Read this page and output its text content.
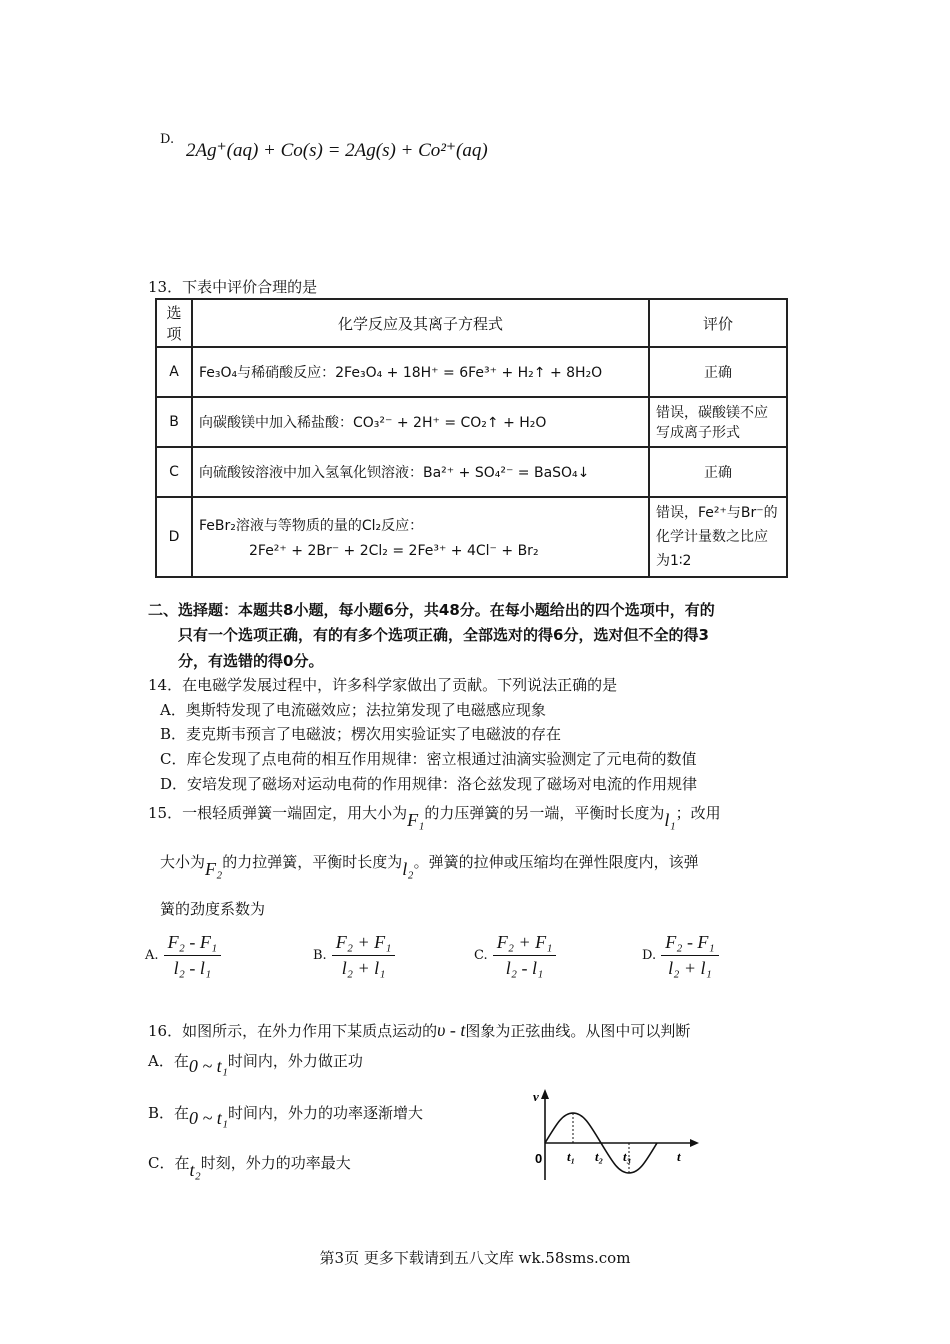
D.
2Ag⁺(aq) + Co(s) = 2Ag(s) + Co²⁺(aq)
13．下表中评价合理的是
选项	化学反应及其离子方程式	评价
A	Fe₃O₄与稀硝酸反应：2Fe₃O₄ + 18H⁺ = 6Fe³⁺ + H₂↑ + 8H₂O	正确
B	向碳酸镁中加入稀盐酸：CO₃²⁻ + 2H⁺ = CO₂↑ + H₂O	错误，碳酸镁不应写成离子形式
C	向硫酸铵溶液中加入氢氧化钡溶液：Ba²⁺ + SO₄²⁻ = BaSO₄↓	正确
D	FeBr₂溶液与等物质的量的Cl₂反应：
2Fe²⁺ + 2Br⁻ + 2Cl₂ = 2Fe³⁺ + 4Cl⁻ + Br₂	错误，Fe²⁺与Br⁻的化学计量数之比应为1∶2
二、选择题：本题共8小题，每小题6分，共48分。在每小题给出的四个选项中，有的
只有一个选项正确，有的有多个选项正确，全部选对的得6分，选对但不全的得3
分，有选错的得0分。
14．在电磁学发展过程中，许多科学家做出了贡献。下列说法正确的是
A．奥斯特发现了电流磁效应；法拉第发现了电磁感应现象
B．麦克斯韦预言了电磁波；楞次用实验证实了电磁波的存在
C．库仑发现了点电荷的相互作用规律：密立根通过油滴实验测定了元电荷的数值
D．安培发现了磁场对运动电荷的作用规律：洛仑兹发现了磁场对电流的作用规律
15．一根轻质弹簧一端固定，用大小为F₁的力压弹簧的另一端，平衡时长度为l₁；改用
大小为F₂的力拉弹簧，平衡时长度为l₂。弹簧的拉伸或压缩均在弹性限度内，该弹
簧的劲度系数为
A. $\frac{\text{F₂ - F₁}}{\text{l₂ - l₁}}$	B. $\frac{\text{F₂ + F₁}}{\text{l₂ + l₁}}$	C. $\frac{\text{F₂ + F₁}}{\text{l₂ - l₁}}$	D. $\frac{\text{F₂ - F₁}}{\text{l₂ + l₁}}$
16．如图所示，在外力作用下某质点运动的υ - t图象为正弦曲线。从图中可以判断
A．在0 ~ t₁时间内，外力做正功
B．在0 ~ t₁时间内，外力的功率逐渐增大
C．在t₂时刻，外力的功率最大
v
0 t₁ t₂ t₃	t
第3页 更多下载请到五八文库 wk.58sms.com
